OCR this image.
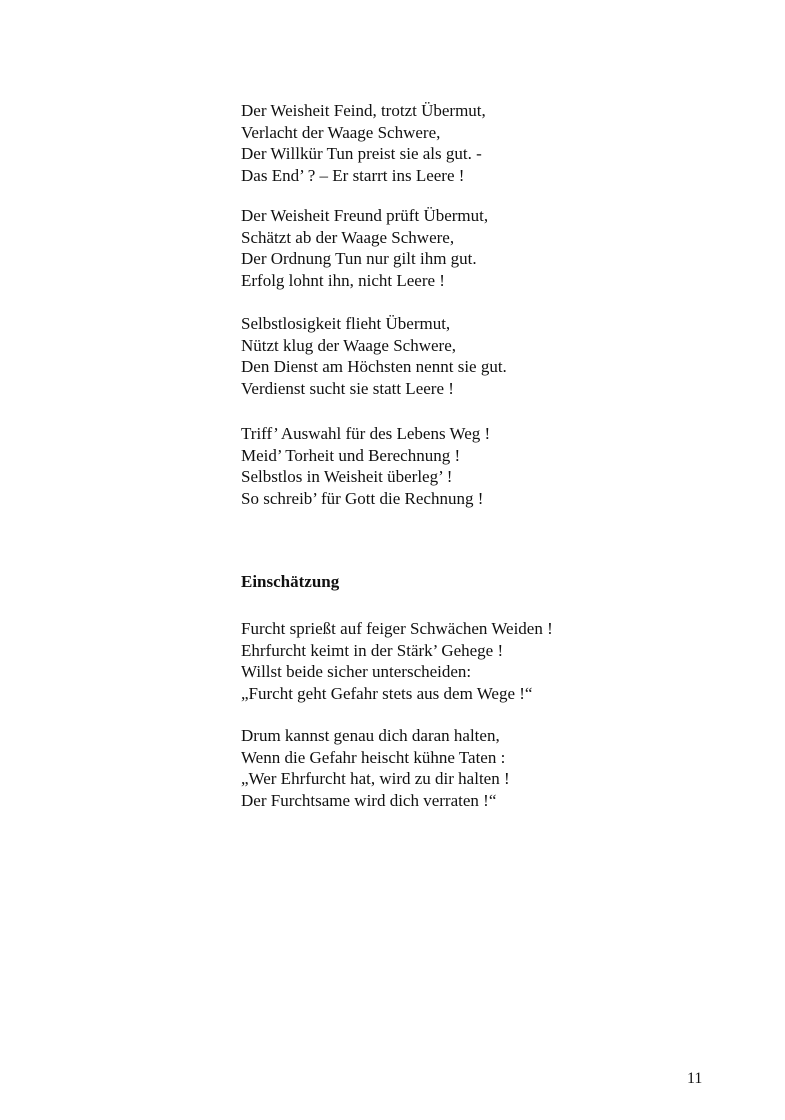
Der Weisheit Feind, trotzt Übermut,
Verlacht der Waage Schwere,
Der Willkür Tun preist sie als gut. -
Das End’ ? – Er starrt ins Leere !
Der Weisheit Freund prüft Übermut,
Schätzt ab der Waage Schwere,
Der Ordnung Tun nur gilt ihm gut.
Erfolg lohnt ihn, nicht Leere !
Selbstlosigkeit flieht Übermut,
Nützt klug der Waage Schwere,
Den Dienst am Höchsten nennt sie gut.
Verdienst sucht sie statt Leere !
Triff’ Auswahl für des Lebens Weg !
Meid’ Torheit und Berechnung !
Selbstlos in Weisheit überleg’ !
So schreib’ für Gott die Rechnung !
Einschätzung
Furcht sprießt auf feiger Schwächen Weiden !
Ehrfurcht keimt in der Stärk’ Gehege !
Willst beide sicher unterscheiden:
„Furcht geht Gefahr stets aus dem Wege !“
Drum kannst genau dich daran halten,
Wenn die Gefahr heischt kühne Taten :
„Wer Ehrfurcht hat, wird zu dir halten !
Der Furchtsame wird dich verraten !“
11
